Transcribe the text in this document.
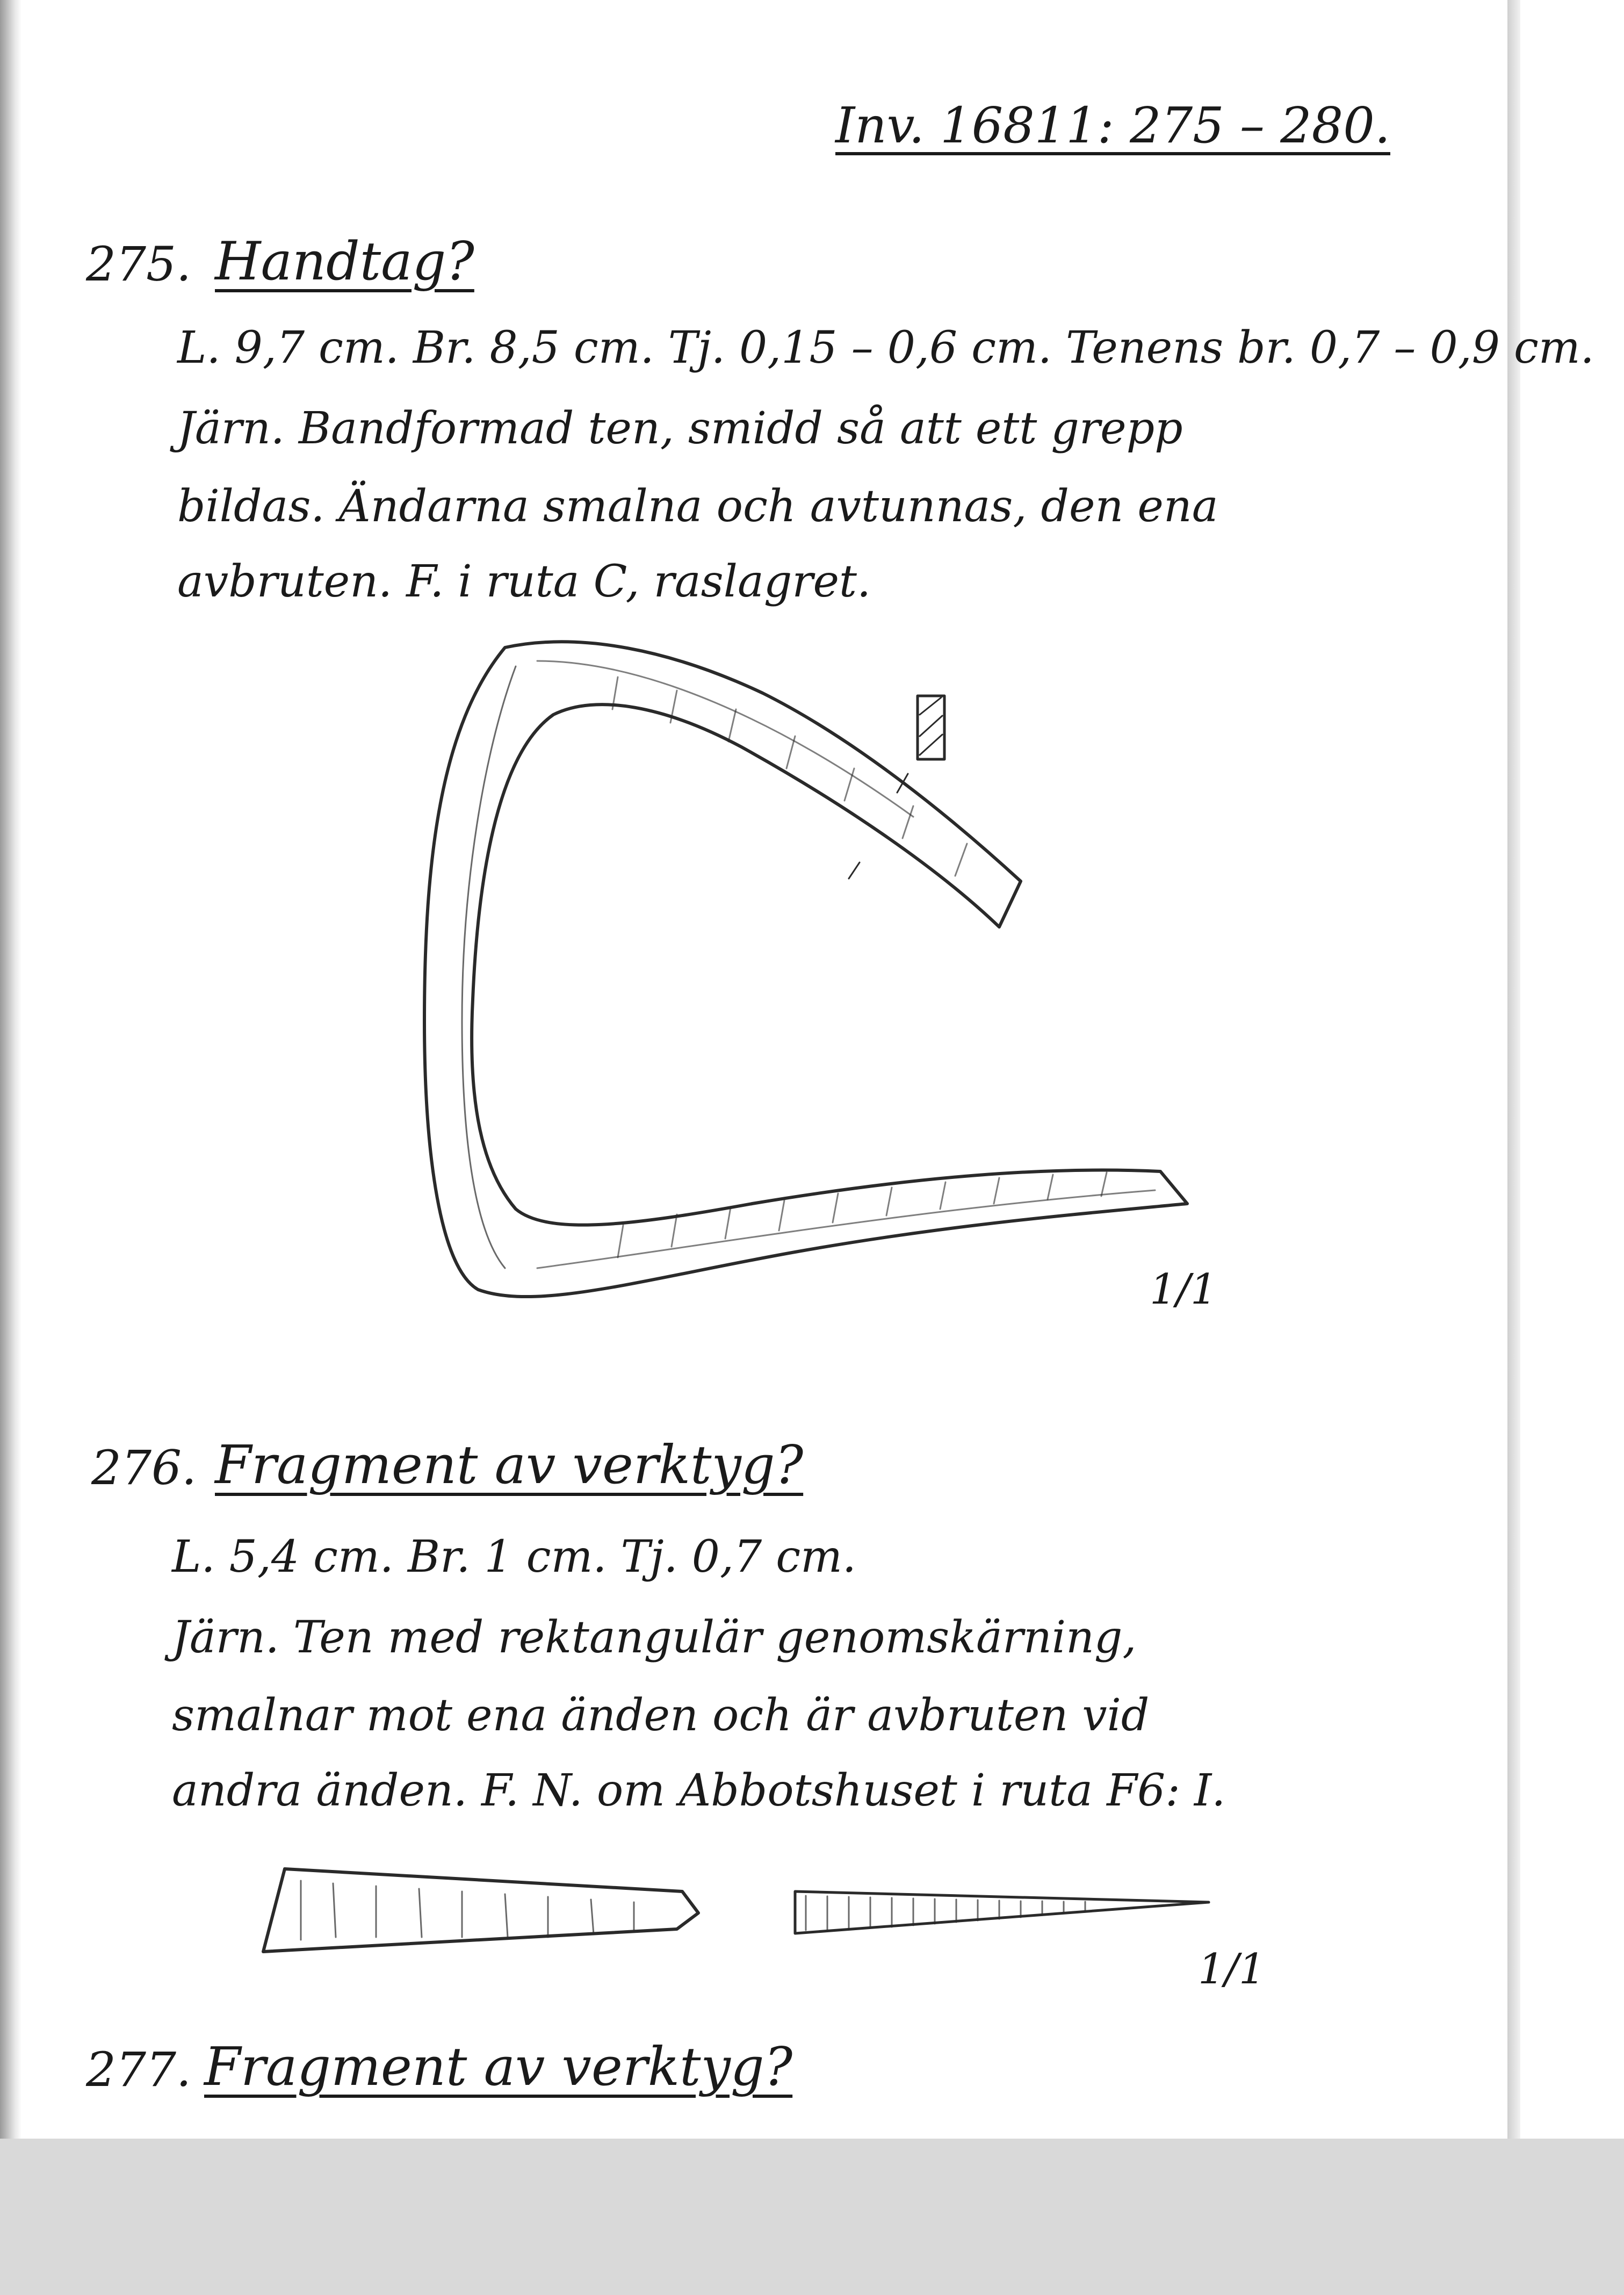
Inv. 16811: 275 – 280.
275. Handtag?
L. 9,7 cm. Br. 8,5 cm. Tj. 0,15 – 0,6 cm. Tenens br. 0,7 – 0,9 cm.
Järn. Bandformad ten, smidd så att ett grepp
bildas. Ändarna smalna och avtunnas, den ena
avbruten. F. i ruta C, raslagret.
1/1
276. Fragment av verktyg?
L. 5,4 cm. Br. 1 cm. Tj. 0,7 cm.
Järn. Ten med rektangulär genomskärning,
smalnar mot ena änden och är avbruten vid
andra änden. F. N. om Abbotshuset i ruta F6: I.
1/1
277. Fragment av verktyg?
